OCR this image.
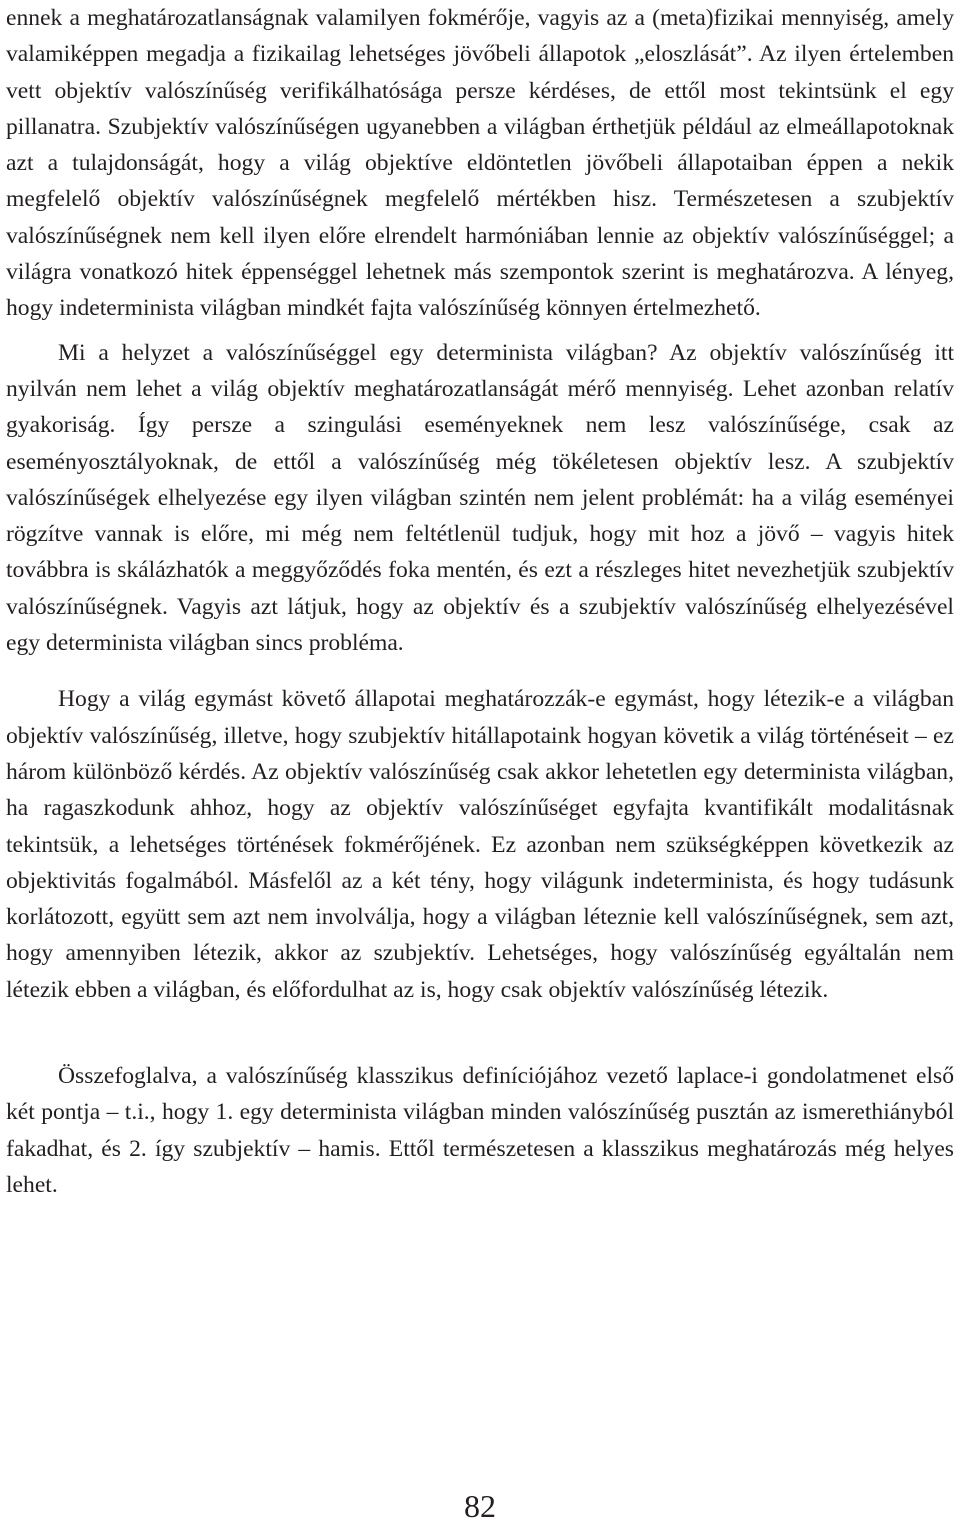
ennek a meghatározatlanságnak valamilyen fokmérője, vagyis az a (meta)fizikai mennyiség, amely valamiképpen megadja a fizikailag lehetséges jövőbeli állapotok „eloszlását”. Az ilyen értelemben vett objektív valószínűség verifikálhatósága persze kérdéses, de ettől most tekintsünk el egy pillanatra. Szubjektív valószínűségen ugyanebben a világban érthetjük például az elmeállapotoknak azt a tulajdonságát, hogy a világ objektíve eldöntetlen jövőbeli állapotaiban éppen a nekik megfelelő objektív valószínűségnek megfelelő mértékben hisz. Természetesen a szubjektív valószínűségnek nem kell ilyen előre elrendelt harmóniában lennie az objektív valószínűséggel; a világra vonatkozó hitek éppenséggel lehetnek más szempontok szerint is meghatározva. A lényeg, hogy indeterminista világban mindkét fajta valószínűség könnyen értelmezhető.

Mi a helyzet a valószínűséggel egy determinista világban? Az objektív valószínűség itt nyilván nem lehet a világ objektív meghatározatlanságát mérő mennyiség. Lehet azonban relatív gyakoriság. Így persze a szingulási eseményeknek nem lesz valószínűsége, csak az eseményosztályoknak, de ettől a valószínűség még tökéletesen objektív lesz. A szubjektív valószínűségek elhelyezése egy ilyen világban szintén nem jelent problémát: ha a világ eseményei rögzítve vannak is előre, mi még nem feltétlenül tudjuk, hogy mit hoz a jövő – vagyis hitek továbbra is skálázhatók a meggyőződés foka mentén, és ezt a részleges hitet nevezhetjük szubjektív valószínűségnek. Vagyis azt látjuk, hogy az objektív és a szubjektív valószínűség elhelyezésével egy determinista világban sincs probléma.

Hogy a világ egymást követő állapotai meghatározzák-e egymást, hogy létezik-e a világban objektív valószínűség, illetve, hogy szubjektív hitállapotaink hogyan követik a világ történéseit – ez három különböző kérdés. Az objektív valószínűség csak akkor lehetetlen egy determinista világban, ha ragaszkodunk ahhoz, hogy az objektív valószínűséget egyfajta kvantifikált modalitásnak tekintsük, a lehetséges történések fokmérőjének. Ez azonban nem szükségképpen következik az objektivitás fogalmából. Másfelől az a két tény, hogy világunk indeterminista, és hogy tudásunk korlátozott, együtt sem azt nem involválja, hogy a világban léteznie kell valószínűségnek, sem azt, hogy amennyiben létezik, akkor az szubjektív. Lehetséges, hogy valószínűség egyáltalán nem létezik ebben a világban, és előfordulhat az is, hogy csak objektív valószínűség létezik.

Összefoglalva, a valószínűség klasszikus definíciójához vezető laplace-i gondolatmenet első két pontja – t.i., hogy 1. egy determinista világban minden valószínűség pusztán az ismerethiányból fakadhat, és 2. így szubjektív – hamis. Ettől természetesen a klasszikus meghatározás még helyes lehet.

82
